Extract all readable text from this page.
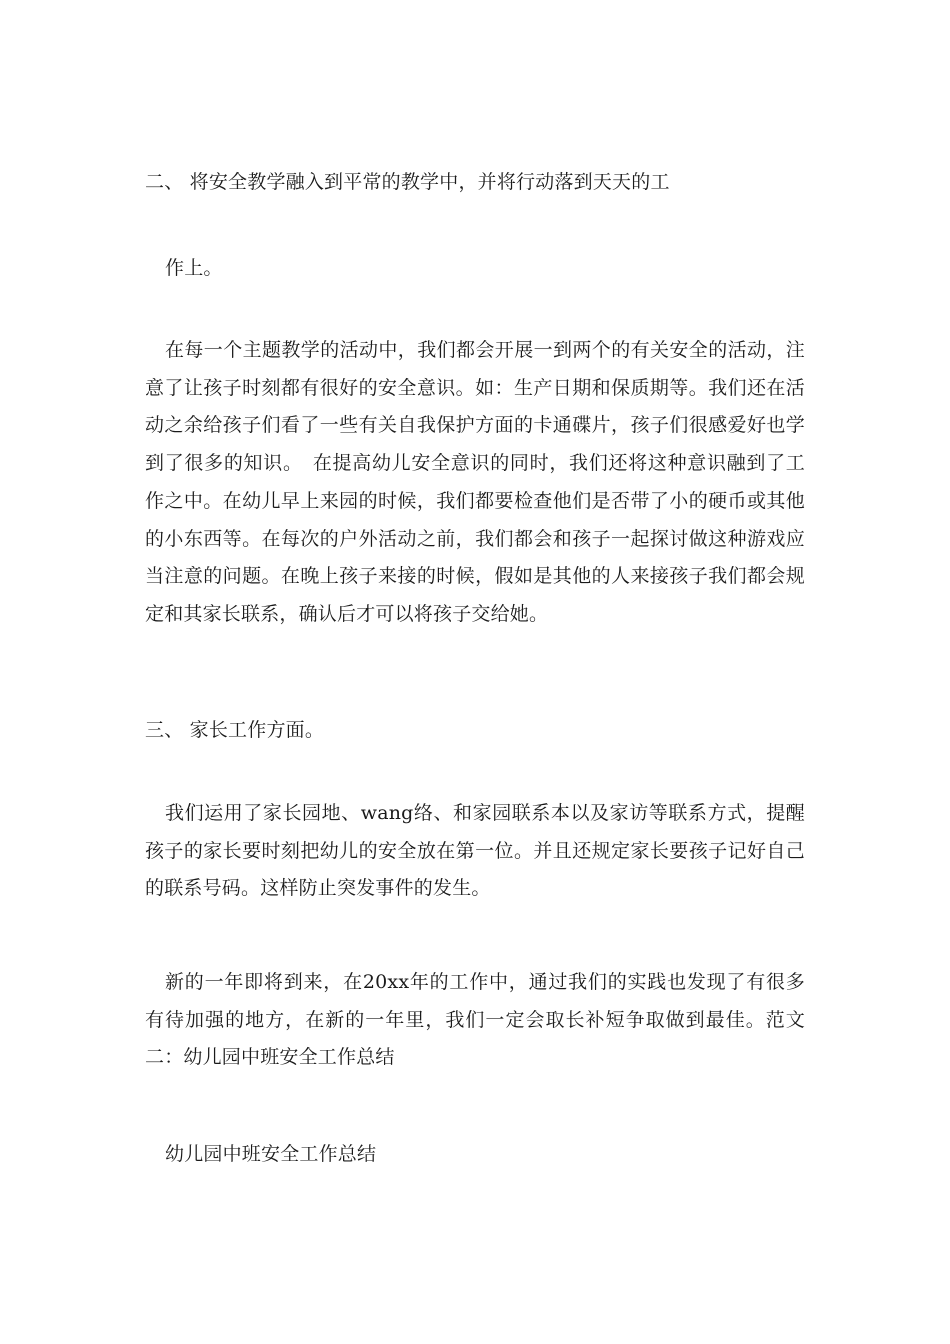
二、 将安全教学融入到平常的教学中，并将行动落到天天的工
作上。
在每一个主题教学的活动中，我们都会开展一到两个的有关安全的活动，注意了让孩子时刻都有很好的安全意识。如：生产日期和保质期等。我们还在活动之余给孩子们看了一些有关自我保护方面的卡通碟片，孩子们很感爱好也学到了很多的知识。　在提高幼儿安全意识的同时，我们还将这种意识融到了工作之中。在幼儿早上来园的时候，我们都要检查他们是否带了小的硬币或其他的小东西等。在每次的户外活动之前，我们都会和孩子一起探讨做这种游戏应当注意的问题。在晚上孩子来接的时候，假如是其他的人来接孩子我们都会规定和其家长联系，确认后才可以将孩子交给她。
三、 家长工作方面。
我们运用了家长园地、wang络、和家园联系本以及家访等联系方式，提醒孩子的家长要时刻把幼儿的安全放在第一位。并且还规定家长要孩子记好自己的联系号码。这样防止突发事件的发生。
新的一年即将到来，在20xx年的工作中，通过我们的实践也发现了有很多有待加强的地方，在新的一年里，我们一定会取长补短争取做到最佳。范文二：幼儿园中班安全工作总结
幼儿园中班安全工作总结
